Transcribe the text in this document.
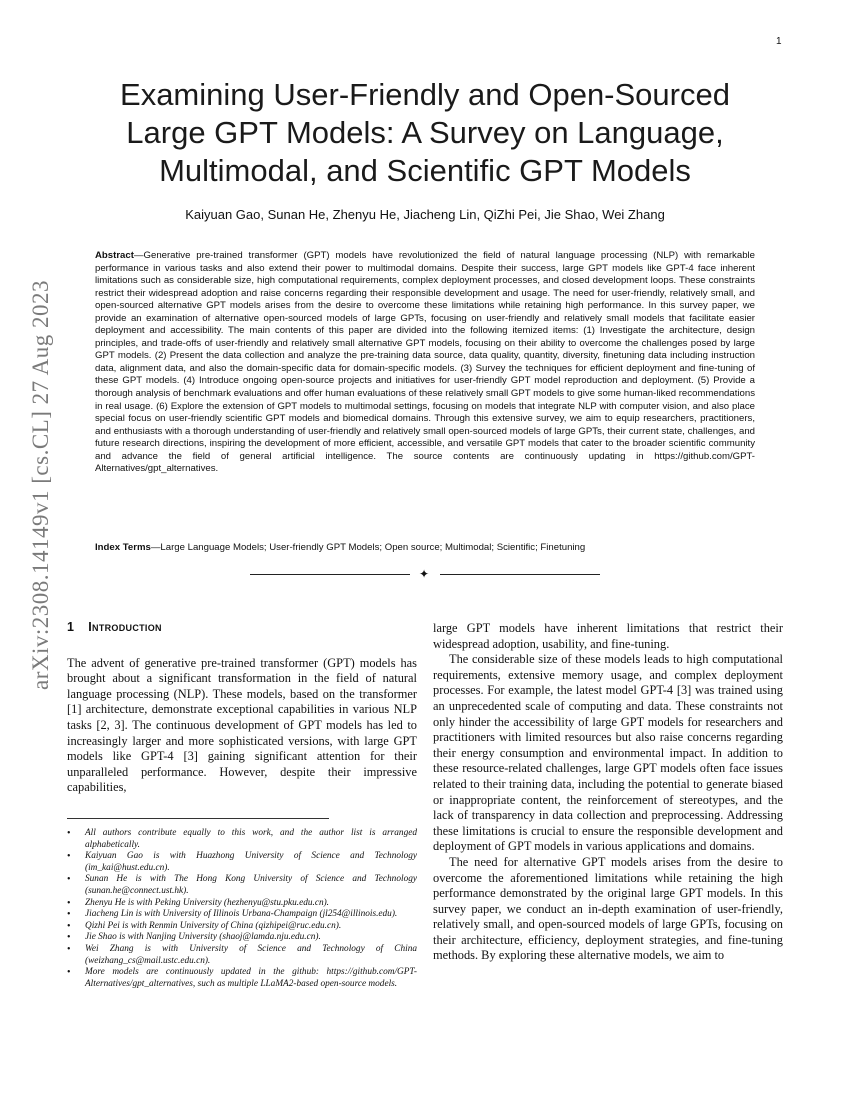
1
arXiv:2308.14149v1 [cs.CL] 27 Aug 2023
Examining User-Friendly and Open-Sourced
Large GPT Models: A Survey on Language,
Multimodal, and Scientific GPT Models
Kaiyuan Gao, Sunan He, Zhenyu He, Jiacheng Lin, QiZhi Pei, Jie Shao, Wei Zhang
Abstract—Generative pre-trained transformer (GPT) models have revolutionized the field of natural language processing (NLP) with remarkable performance in various tasks and also extend their power to multimodal domains. Despite their success, large GPT models like GPT-4 face inherent limitations such as considerable size, high computational requirements, complex deployment processes, and closed development loops. These constraints restrict their widespread adoption and raise concerns regarding their responsible development and usage. The need for user-friendly, relatively small, and open-sourced alternative GPT models arises from the desire to overcome these limitations while retaining high performance. In this survey paper, we provide an examination of alternative open-sourced models of large GPTs, focusing on user-friendly and relatively small models that facilitate easier deployment and accessibility. The main contents of this paper are divided into the following itemized items: (1) Investigate the architecture, design principles, and trade-offs of user-friendly and relatively small alternative GPT models, focusing on their ability to overcome the challenges posed by large GPT models. (2) Present the data collection and analyze the pre-training data source, data quality, quantity, diversity, finetuning data including instruction data, alignment data, and also the domain-specific data for domain-specific models. (3) Survey the techniques for efficient deployment and fine-tuning of these GPT models. (4) Introduce ongoing open-source projects and initiatives for user-friendly GPT model reproduction and deployment. (5) Provide a thorough analysis of benchmark evaluations and offer human evaluations of these relatively small GPT models to give some human-liked recommendations in real usage. (6) Explore the extension of GPT models to multimodal settings, focusing on models that integrate NLP with computer vision, and also place special focus on user-friendly scientific GPT models and biomedical domains. Through this extensive survey, we aim to equip researchers, practitioners, and enthusiasts with a thorough understanding of user-friendly and relatively small open-sourced models of large GPTs, their current state, challenges, and future research directions, inspiring the development of more efficient, accessible, and versatile GPT models that cater to the broader scientific community and advance the field of general artificial intelligence. The source contents are continuously updating in https://github.com/GPT-Alternatives/gpt_alternatives.
Index Terms—Large Language Models; User-friendly GPT Models; Open source; Multimodal; Scientific; Finetuning
✦
1 Introduction

The advent of generative pre-trained transformer (GPT) models has brought about a significant transformation in the field of natural language processing (NLP). These models, based on the transformer [1] architecture, demonstrate exceptional capabilities in various NLP tasks [2, 3]. The continuous development of GPT models has led to increasingly larger and more sophisticated versions, with large GPT models like GPT-4 [3] gaining significant attention for their unparalleled performance. However, despite their impressive capabilities,

• All authors contribute equally to this work, and the author list is arranged alphabetically.
• Kaiyuan Gao is with Huazhong University of Science and Technology (im_kai@hust.edu.cn).
• Sunan He is with The Hong Kong University of Science and Technology (sunan.he@connect.ust.hk).
• Zhenyu He is with Peking University (hezhenyu@stu.pku.edu.cn).
• Jiacheng Lin is with University of Illinois Urbana-Champaign (jl254@illinois.edu).
• Qizhi Pei is with Renmin University of China (qizhipei@ruc.edu.cn).
• Jie Shao is with Nanjing University (shaoj@lamda.nju.edu.cn).
• Wei Zhang is with University of Science and Technology of China (weizhang_cs@mail.ustc.edu.cn).
• More models are continuously updated in the github: https://github.com/GPT-Alternatives/gpt_alternatives, such as multiple LLaMA2-based open-source models.

large GPT models have inherent limitations that restrict their widespread adoption, usability, and fine-tuning.

The considerable size of these models leads to high computational requirements, extensive memory usage, and complex deployment processes. For example, the latest model GPT-4 [3] was trained using an unprecedented scale of computing and data. These constraints not only hinder the accessibility of large GPT models for researchers and practitioners with limited resources but also raise concerns regarding their energy consumption and environmental impact. In addition to these resource-related challenges, large GPT models often face issues related to their training data, including the potential to generate biased or inappropriate content, the reinforcement of stereotypes, and the lack of transparency in data collection and preprocessing. Addressing these limitations is crucial to ensure the responsible development and deployment of GPT models in various applications and domains.

The need for alternative GPT models arises from the desire to overcome the aforementioned limitations while retaining the high performance demonstrated by the original large GPT models. In this survey paper, we conduct an in-depth examination of user-friendly, relatively small, and open-sourced models of large GPTs, focusing on their architecture, efficiency, deployment strategies, and fine-tuning methods. By exploring these alternative models, we aim to
